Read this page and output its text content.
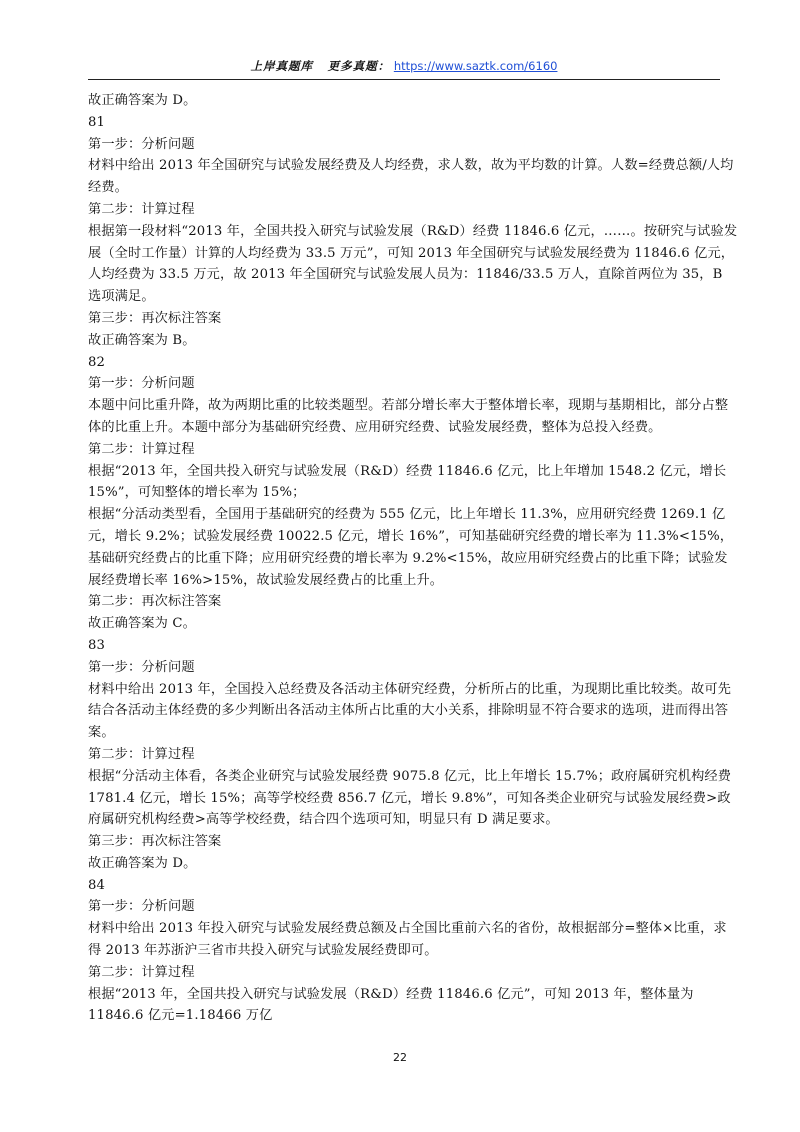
上岸真题库 更多真题： https://www.saztk.com/6160

故正确答案为 D。

81

第一步：分析问题

材料中给出 2013 年全国研究与试验发展经费及人均经费，求人数，故为平均数的计算。人数=经费总额/人均经费。

第二步：计算过程

根据第一段材料“2013 年，全国共投入研究与试验发展（R&D）经费 11846.6 亿元，……。按研究与试验发展（全时工作量）计算的人均经费为 33.5 万元”，可知 2013 年全国研究与试验发展经费为 11846.6 亿元，人均经费为 33.5 万元，故 2013 年全国研究与试验发展人员为：11846/33.5 万人，直除首两位为 35，B 选项满足。

第三步：再次标注答案

故正确答案为 B。

82

第一步：分析问题

本题中问比重升降，故为两期比重的比较类题型。若部分增长率大于整体增长率，现期与基期相比，部分占整体的比重上升。本题中部分为基础研究经费、应用研究经费、试验发展经费，整体为总投入经费。

第二步：计算过程

根据“2013 年，全国共投入研究与试验发展（R&D）经费 11846.6 亿元，比上年增加 1548.2 亿元，增长 15%”，可知整体的增长率为 15%；

根据“分活动类型看，全国用于基础研究的经费为 555 亿元，比上年增长 11.3%，应用研究经费 1269.1 亿元，增长 9.2%；试验发展经费 10022.5 亿元，增长 16%”，可知基础研究经费的增长率为 11.3%<15%，基础研究经费占的比重下降；应用研究经费的增长率为 9.2%<15%，故应用研究经费占的比重下降；试验发展经费增长率 16%>15%，故试验发展经费占的比重上升。

第二步：再次标注答案

故正确答案为 C。

83

第一步：分析问题

材料中给出 2013 年，全国投入总经费及各活动主体研究经费，分析所占的比重，为现期比重比较类。故可先结合各活动主体经费的多少判断出各活动主体所占比重的大小关系，排除明显不符合要求的选项，进而得出答案。

第二步：计算过程

根据“分活动主体看，各类企业研究与试验发展经费 9075.8 亿元，比上年增长 15.7%；政府属研究机构经费 1781.4 亿元，增长 15%；高等学校经费 856.7 亿元，增长 9.8%”，可知各类企业研究与试验发展经费>政府属研究机构经费>高等学校经费，结合四个选项可知，明显只有 D 满足要求。

第三步：再次标注答案

故正确答案为 D。

84

第一步：分析问题

材料中给出 2013 年投入研究与试验发展经费总额及占全国比重前六名的省份，故根据部分=整体×比重，求得 2013 年苏浙沪三省市共投入研究与试验发展经费即可。

第二步：计算过程

根据“2013 年，全国共投入研究与试验发展（R&D）经费 11846.6 亿元”，可知 2013 年，整体量为 11846.6 亿元=1.18466 万亿

22
